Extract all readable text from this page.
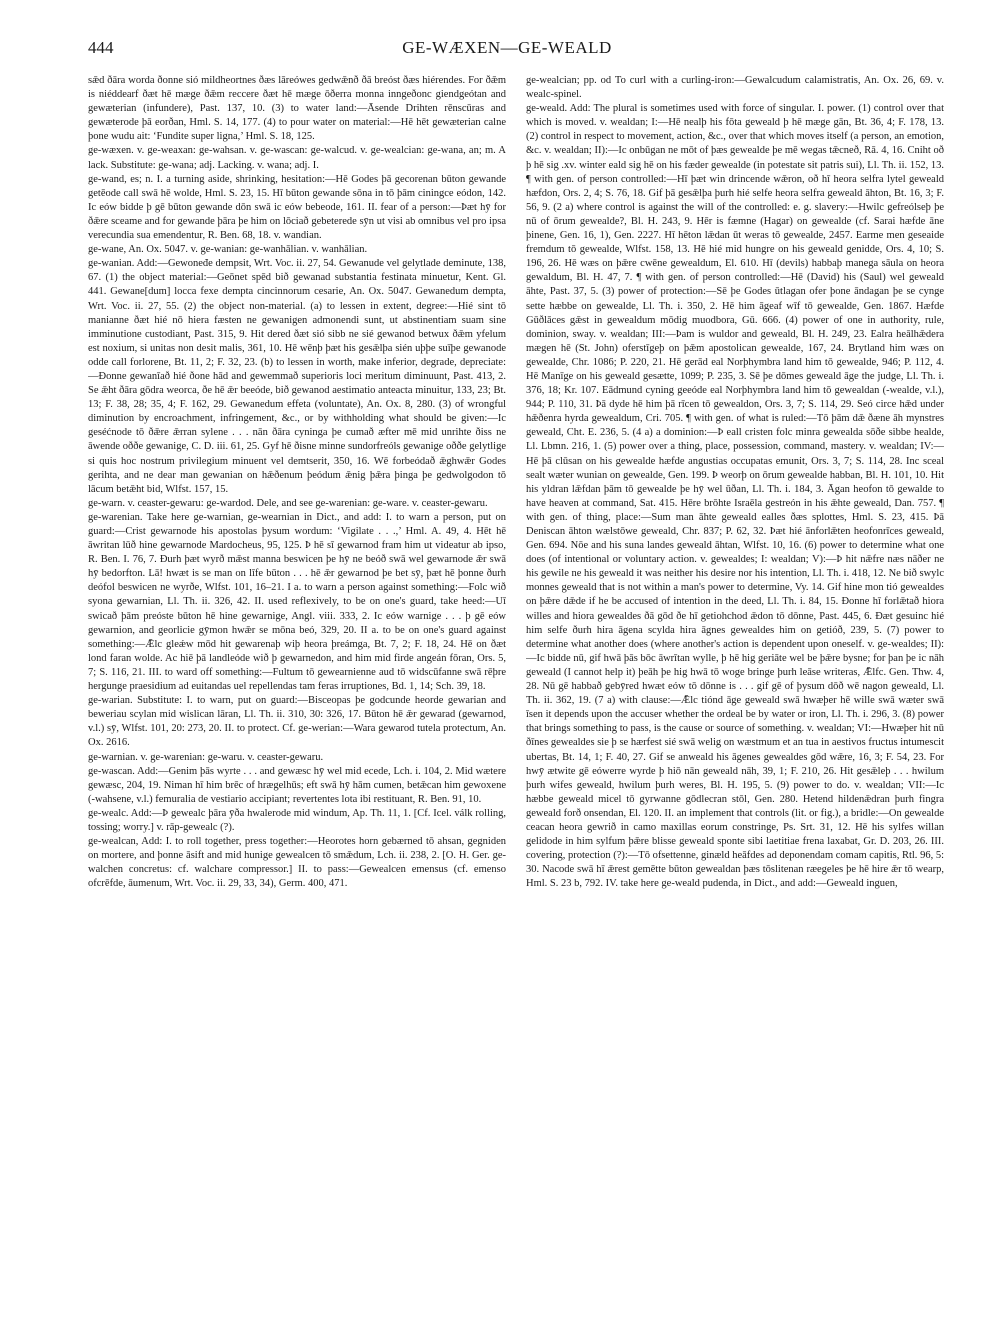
444	GE-WÆXEN—GE-WEALD

sǣd ðāra worda ðonne sió mildheortnes ðæs lāreówes gedwǣnð ðā breóst ðæs hiérendes. For ðǣm is niéddearf ðæt hē mæge ðǣm reccere ðæt hē mæge ōðerra monna inngeðonc giendgeótan and gewæterian (infundere), Past. 137, 10. (3) to water land:—Āsende Drihten rēnscūras and gewæterode þā eorðan, Hml. S. 14, 177. (4) to pour water on material:—Hē hēt gewæterian calne þone wudu ait: ‘Fundite super ligna,’ Hml. S. 18, 125.

ge-wæxen. v. ge-weaxan: ge-wahsan. v. ge-wascan: ge-walcud. v. ge-wealcian: ge-wana, an; m. A lack. Substitute: ge-wana; adj. Lacking. v. wana; adj. I.

ge-wand, es; n. I. a turning aside, shrinking, hesitation:—Hē Godes þā gecorenan būton gewande getēode call swā hē wolde, Hml. S. 23, 15. Hī būton gewande sōna in tō þām ciningce eódon, 142. Ic eów bidde þ gē būton gewande dōn swā ic eów bebeode, 161. II. fear of a person:—Þæt hȳ for ðǣre sceame and for gewande þāra þe him on lōciað gebeterede sȳn ut visi ab omnibus vel pro ipsa verecundia sua emendentur, R. Ben. 68, 18. v. wandian.

ge-wane, An. Ox. 5047. v. ge-wanian: ge-wanhālian. v. wanhālian.

ge-wanian. Add:—Gewoneđe dempsit, Wrt. Voc. ii. 27, 54. Gewanude vel gelytlade deminute, 138, 67. (1) the object material:—Geōnet spēd bið gewanad substantia festinata minuetur, Kent. Gl. 441. Gewane[dum] locca fexe dempta cincinnorum cesarie, An. Ox. 5047. Gewanedum dempta, Wrt. Voc. ii. 27, 55. (2) the object non-material. (a) to lessen in extent, degree:—Hié sint tō manianne ðæt hié nō hiera fæsten ne gewanigen admonendi sunt, ut abstinentiam suam sine imminutione custodiant, Past. 315, 9. Hit dered ðæt sió sibb ne sié gewanod betwux ðǣm yfelum est noxium, si unitas non desit malis, 361, 10. Hē wēnþ þæt his gesǣlþa sién uþþe suīþe gewanode odde call forlorene, Bt. 11, 2; F. 32, 23. (b) to lessen in worth, make inferior, degrade, depreciate:—Ðonne gewanīað hié ðone hād and gewemmað superioris loci meritum diminuunt, Past. 413, 2. Se ǣht ðāra gōdra weorca, ðe hē ǣr beeóde, bið gewanod aestimatio anteacta minuitur, 133, 23; Bt. 13; F. 38, 28; 35, 4; F. 162, 29. Gewanedum effeta (voluntate), An. Ox. 8, 280. (3) of wrongful diminution by encroachment, infringement, &c., or by withholding what should be given:—Ic geséćnode tō ðǣre ǣrran sylene . . . nān ðāra cyninga þe cumað æfter mē mid unrihte ðiss ne āwende oððe gewanige, C. D. iii. 61, 25. Gyf hē ðisne minne sundorfreóls gewanige oððe gelytlige si quis hoc nostrum privilegium minuent vel demtserit, 350, 16. Wē forbeódað ǣghwǣr Godes gerihta, and ne dear man gewanian on hǣðenum þeódum ǣnig þǣra þinga þe gedwolgodon tō lācum betǣht bid, Wlfst. 157, 15.

ge-warn. v. ceaster-gewaru: ge-wardod. Dele, and see ge-warenian: ge-ware. v. ceaster-gewaru.

ge-warenian. Take here ge-warnian, ge-wearnian in Dict., and add: I. to warn a person, put on guard:—Crist gewarnode his apostolas þysum wordum: ‘Vigilate . . .,’ Hml. A. 49, 4. Hēt hē āwritan lūð hine gewarnode Mardocheus, 95, 125. Þ hē sī gewarnod fram him ut videatur ab ipso, R. Ben. I. 76, 7. Ðurh þæt wyrð mǣst manna beswicen þe hȳ ne beóð swā wel gewarnode ǣr swā hȳ bedorfton. Lā! hwæt is se man on līfe būton . . . hē ǣr gewarnod þe bet sȳ, þæt hē þonne ðurh deófol beswicen ne wyrðe, Wlfst. 101, 16–21. I a. to warn a person against something:—Folc wið syona gewarnian, Ll. Th. ii. 326, 42. II. used reflexively, to be on one's guard, take heed:—Uī swicað þām preóste būton hē hine gewarnige, Angl. viii. 333, 2. Ic eów warnige . . . þ gē eów gewarnion, and georlicie gȳmon hwǣr se mōna beó, 329, 20. II a. to be on one's guard against something:—Ǣlc gleǽw mōd hit gewarenaþ wiþ heora þreámga, Bt. 7, 2; F. 18, 24. Hē on ðæt lond faran wolde. Ac hiē þā landleóde wið þ gewarnedon, and him mid firde angeán fōran, Ors. 5, 7; S. 116, 21. III. to ward off something:—Fultum tō gewearnienne aud tō widscūfanne swā rēþre hergunge praesidium ad euitandas uel repellendas tam feras irruptiones, Bd. 1, 14; Sch. 39, 18.

ge-warian. Substitute: I. to warn, put on guard:—Bisceopas þe godcunde heorde gewarian and beweriau scylan mid wislican lāran, Ll. Th. ii. 310, 30: 326, 17. Būton hē ǣr gewarad (gewarnod, v.l.) sȳ, Wlfst. 101, 20: 273, 20. II. to protect. Cf. ge-werian:—Wara gewarod tutela protectum, An. Ox. 2616.

ge-warnian. v. ge-warenian: ge-waru. v. ceaster-gewaru.

ge-wascan. Add:—Genim þās wyrte . . . and gewæsc hȳ wel mid ecede, Lch. i. 104, 2. Mid wætere gewæsc, 204, 19. Niman hī him brēc of hrægelhūs; eft swā hȳ hām cumen, betǣcan him gewoxene (-wahsene, v.l.) femuralia de vestiario accipiant; revertentes lota ibi restituant, R. Ben. 91, 10.

ge-wealc. Add:—Þ gewealc þāra ȳða hwalerode mid windum, Ap. Th. 11, 1. [Cf. Icel. válk rolling, tossing; worry.] v. rāp-gewealc (?).

ge-wealcan, Add: I. to roll together, press together:—Heorotes horn gebærned tō ahsan, gegniden on mortere, and þonne āsift and mid hunige gewealcen tō smǣdum, Lch. ii. 238, 2. [O. H. Ger. ge-walchen concretus: cf. walchare compressor.] II. to pass:—Gewealcen emensus (cf. emenso ofcrēfde, āumenum, Wrt. Voc. ii. 29, 33, 34), Germ. 400, 471.

ge-wealcian; pp. od To curl with a curling-iron:—Gewalcudum calamistratis, An. Ox. 26, 69. v. wealc-spinel.

ge-weald. Add: The plural is sometimes used with force of singular. I. power. (1) control over that which is moved. v. wealdan; I:—Hē nealþ his fōta geweald þ hē mæge gān, Bt. 36, 4; F. 178, 13. (2) control in respect to movement, action, &c., over that which moves itself (a person, an emotion, &c. v. wealdan; II):—Ic onbūgan ne mōt of þæs gewealde þe mē wegas tǣcneð, Rā. 4, 16. Cniht oð þ hē sig .xv. winter eald sig hē on his fæder gewealde (in potestate sit patris sui), Ll. Th. ii. 152, 13. ¶ with gen. of person controlled:—Hī þæt win drincende wǣron, oð hī heora selfra lytel geweald hæfdon, Ors. 2, 4; S. 76, 18. Gif þā gesǣlþa þurh hié selfe heora selfra geweald āhton, Bt. 16, 3; F. 56, 9. (2 a) where control is against the will of the controlled: e. g. slavery:—Hwilc gefreólseþ þe nū of ōrum gewealde?, Bl. H. 243, 9. Hēr is fæmne (Hagar) on gewealde (cf. Sarai hæfde āne þinene, Gen. 16, 1), Gen. 2227. Hī hēton lǣdan ūt weras tō gewealde, 2457. Earme men geseaide fremdum tō gewealde, Wlfst. 158, 13. Hē hié mid hungre on his geweald genidde, Ors. 4, 10; S. 196, 26. Hē wæs on þǣre cwēne gewealdum, El. 610. Hī (devils) habbaþ manega sāula on heora gewaldum, Bl. H. 47, 7. ¶ with gen. of person controlled:—Hē (David) his (Saul) wel geweald āhte, Past. 37, 5. (3) power of protection:—Sē þe Godes ūtlagan ofer þone āndagan þe se cynge sette hæbbe on gewealde, Ll. Th. i. 350, 2. Hē him āgeaf wīf tō gewealde, Gen. 1867. Hæfde Gūðlāces gǣst in gewealdum mōdig muodbora, Gū. 666. (4) power of one in authority, rule, dominion, sway. v. wealdan; III:—Þam is wuldor and geweald, Bl. H. 249, 23. Ealra heālhǣdera mægen hē (St. John) oferstīgeþ on þǣm apostolican gewealde, 167, 24. Brytland him wæs on gewealde, Chr. 1086; P. 220, 21. Hē gerād eal Norþhymbra land him tō gewealde, 946; P. 112, 4. Hē Manīge on his geweald gesætte, 1099; P. 235, 3. Sē þe dōmes geweald āge the judge, Ll. Th. i. 376, 18; Kr. 107. Eādmund cyning geeóde eal Norþhymbra land him tō gewealdan (-wealde, v.l.), 944; P. 110, 31. Þā dyde hē him þā rīcen tō gewealdon, Ors. 3, 7; S. 114, 29. Seó circe hǣd under hǣðenra hyrda gewealdum, Cri. 705. ¶ with gen. of what is ruled:—Tō þām dǣ ðæne āh mynstres geweald, Cht. E. 236, 5. (4 a) a dominion:—Þ eall cristen folc minra gewealda sōðe sibbe healde, Ll. Lbmn. 216, 1. (5) power over a thing, place, possession, command, mastery. v. wealdan; IV:—Hē þā clūsan on his gewealde hæfde angustias occupatas emunit, Ors. 3, 7; S. 114, 28. Inc sceal sealt wæter wunian on gewealde, Gen. 199. Þ weorþ on ōrum gewealde habban, Bl. H. 101, 10. Hit his yldran lǣfdan þām tō gewealde þe hȳ wel ūðan, Ll. Th. i. 184, 3. Āgan heofon tō gewalde to have heaven at command, Sat. 415. Hēre brōhte Israēla gestreón in his ǣhte geweald, Dan. 757. ¶ with gen. of thing, place:—Sum man āhte geweald ealles ðæs splottes, Hml. S. 23, 415. Þā Deniscan āhton wælstōwe geweald, Chr. 837; P. 62, 32. Þæt hié ānforlǣten heofonrīces geweald, Gen. 694. Nōe and his suna landes geweald āhtan, Wlfst. 10, 16. (6) power to determine what one does (of intentional or voluntary action. v. gewealdes; I: wealdan; V):—Þ hit nǣfre næs nāðer ne his gewile ne his geweald it was neither his desire nor his intention, Ll. Th. i. 418, 12. Ne bið swylc monnes geweald that is not within a man's power to determine, Vy. 14. Gif hine mon tió gewealdes on þǣre dǣde if he be accused of intention in the deed, Ll. Th. i. 84, 15. Ðonne hī forlǣtað hiora willes and hiora gewealdes ðā gōd ðe hī getiohchod ǣdon tō dōnne, Past. 445, 6. Ðæt gesuinc hié him selfe ðurh hira āgena scylda hira āgnes gewealdes him on getióð, 239, 5. (7) power to determine what another does (where another's action is dependent upon oneself. v. ge-wealdes; II):—Ic bidde nū, gif hwā þās bōc āwrītan wylle, þ hē hig geriāte wel be þǣre bysne; for þan þe ic nāh geweald (I cannot help it) þeāh þe hig hwā tō woge bringe þurh leāse writeras, Ǣlfc. Gen. Thw. 4, 28. Nū gē habbað gebȳred hwæt eów tō dōnne is . . . gif gē of þysum dōð wē nagon geweald, Ll. Th. ii. 362, 19. (7 a) with clause:—Ǣlc tiónd āge geweald swā hwæþer hē wille swā wæter swā īsen it depends upon the accuser whether the ordeal be by water or iron, Ll. Th. i. 296, 3. (8) power that brings something to pass, is the cause or source of something. v. wealdan; VI:—Hwæþer hit nū ðīnes gewealdes sie þ se hærfest sié swā welig on wæstmum et an tua in aestivos fructus intumescit ubertas, Bt. 14, 1; F. 40, 27. Gif se anweald his āgenes gewealdes gōd wǣre, 16, 3; F. 54, 23. For hwȳ ætwite gē eówerre wyrde þ hiō nān geweald nāh, 39, 1; F. 210, 26. Hit gesǣleþ . . . hwilum þurh wifes geweald, hwilum þurh weres, Bl. H. 195, 5. (9) power to do. v. wealdan; VII:—Ic hæbbe geweald micel tō gyrwanne gōdlecran stōl, Gen. 280. Hetend hildenǣdran þurh fingra geweald forð onsendan, El. 120. II. an implement that controls (lit. or fig.), a bridle:—On gewealde ceacan heora gewrið in camo maxillas eorum constringe, Ps. Srt. 31, 12. Hē his sylfes willan gelidode in him sylfum þǣre blisse geweald sponte sibi laetitiae frena laxabat, Gr. D. 203, 26. III. covering, protection (?):—Tō ofsettenne, ginæld heāfdes ad deponendam comam capitis, Rtl. 96, 5: 30. Nacode swā hī ǣrest gemētte būton gewealdan þæs tōslitenan ræegeles þe hē hire ǣr tō wearp, Hml. S. 23 b, 792. IV. take here ge-weald pudenda, in Dict., and add:—Geweald inguen,
